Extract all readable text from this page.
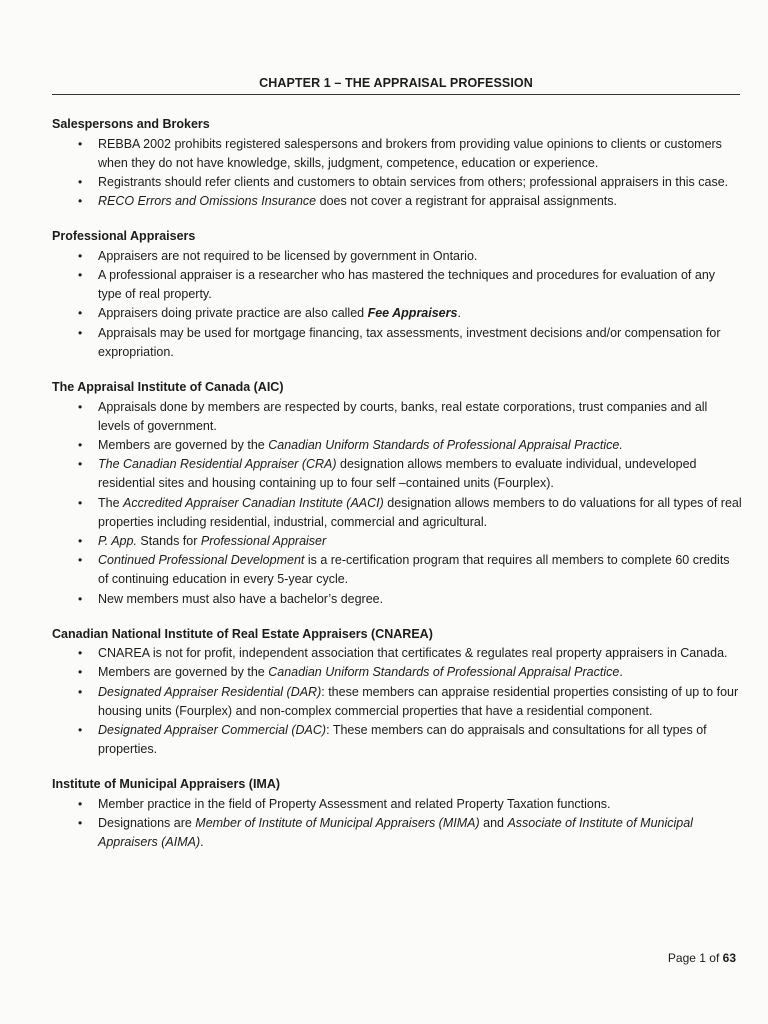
CHAPTER 1 – THE APPRAISAL PROFESSION
Salespersons and Brokers
• REBBA 2002 prohibits registered salespersons and brokers from providing value opinions to clients or customers when they do not have knowledge, skills, judgment, competence, education or experience.
• Registrants should refer clients and customers to obtain services from others; professional appraisers in this case.
• RECO Errors and Omissions Insurance does not cover a registrant for appraisal assignments.
Professional Appraisers
• Appraisers are not required to be licensed by government in Ontario.
• A professional appraiser is a researcher who has mastered the techniques and procedures for evaluation of any type of real property.
• Appraisers doing private practice are also called Fee Appraisers.
• Appraisals may be used for mortgage financing, tax assessments, investment decisions and/or compensation for expropriation.
The Appraisal Institute of Canada (AIC)
• Appraisals done by members are respected by courts, banks, real estate corporations, trust companies and all levels of government.
• Members are governed by the Canadian Uniform Standards of Professional Appraisal Practice.
• The Canadian Residential Appraiser (CRA) designation allows members to evaluate individual, undeveloped residential sites and housing containing up to four self –contained units (Fourplex).
• The Accredited Appraiser Canadian Institute (AACI) designation allows members to do valuations for all types of real properties including residential, industrial, commercial and agricultural.
• P. App. Stands for Professional Appraiser
• Continued Professional Development is a re-certification program that requires all members to complete 60 credits of continuing education in every 5-year cycle.
• New members must also have a bachelor’s degree.
Canadian National Institute of Real Estate Appraisers (CNAREA)
• CNAREA is not for profit, independent association that certificates & regulates real property appraisers in Canada.
• Members are governed by the Canadian Uniform Standards of Professional Appraisal Practice.
• Designated Appraiser Residential (DAR): these members can appraise residential properties consisting of up to four housing units (Fourplex) and non-complex commercial properties that have a residential component.
• Designated Appraiser Commercial (DAC): These members can do appraisals and consultations for all types of properties.
Institute of Municipal Appraisers (IMA)
• Member practice in the field of Property Assessment and related Property Taxation functions.
• Designations are Member of Institute of Municipal Appraisers (MIMA) and Associate of Institute of Municipal Appraisers (AIMA).
Page 1 of 63
